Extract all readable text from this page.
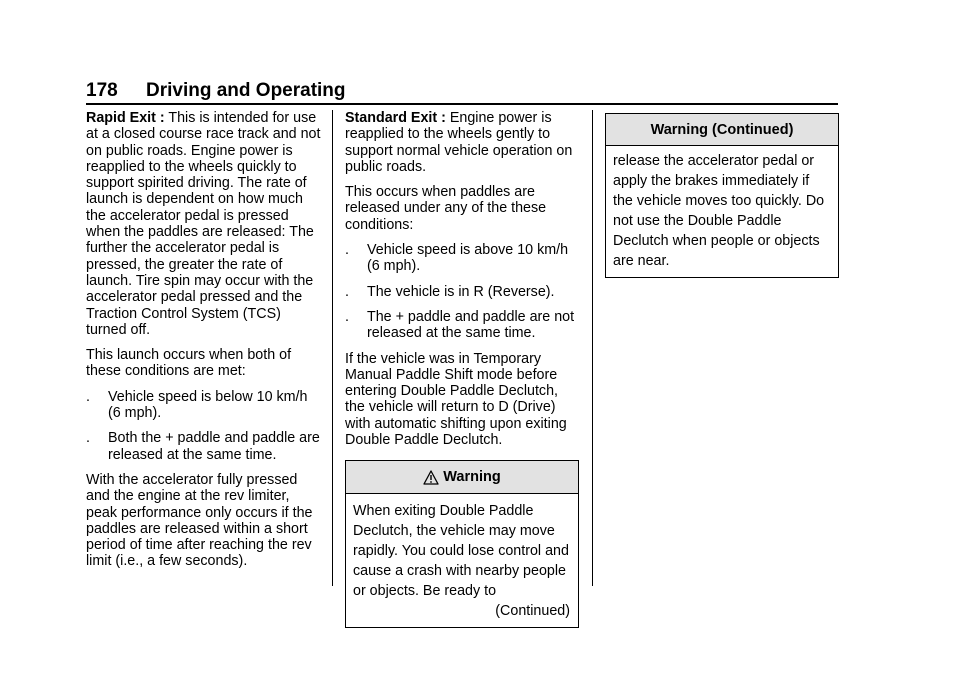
178 Driving and Operating

Rapid Exit : This is intended for use at a closed course race track and not on public roads. Engine power is reapplied to the wheels quickly to support spirited driving. The rate of launch is dependent on how much the accelerator pedal is pressed when the paddles are released: The further the accelerator pedal is pressed, the greater the rate of launch. Tire spin may occur with the accelerator pedal pressed and the Traction Control System (TCS) turned off.

This launch occurs when both of these conditions are met:

. Vehicle speed is below 10 km/h (6 mph).
. Both the + paddle and paddle are released at the same time.

With the accelerator fully pressed and the engine at the rev limiter, peak performance only occurs if the paddles are released within a short period of time after reaching the rev limit (i.e., a few seconds).

Standard Exit : Engine power is reapplied to the wheels gently to support normal vehicle operation on public roads.

This occurs when paddles are released under any of the these conditions:

. Vehicle speed is above 10 km/h (6 mph).
. The vehicle is in R (Reverse).
. The + paddle and paddle are not released at the same time.

If the vehicle was in Temporary Manual Paddle Shift mode before entering Double Paddle Declutch, the vehicle will return to D (Drive) with automatic shifting upon exiting Double Paddle Declutch.

Warning
When exiting Double Paddle Declutch, the vehicle may move rapidly. You could lose control and cause a crash with nearby people or objects. Be ready to
(Continued)
Warning (Continued)
release the accelerator pedal or apply the brakes immediately if the vehicle moves too quickly. Do not use the Double Paddle Declutch when people or objects are near.
